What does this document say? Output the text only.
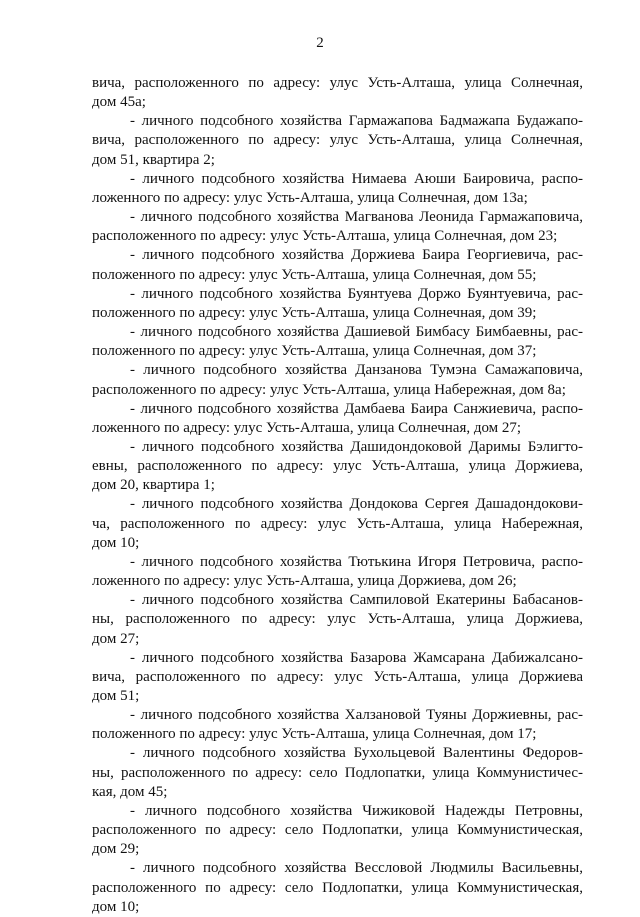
2
вича, расположенного по адресу: улус Усть-Алташа, улица Солнечная,
дом 45а;
- личного подсобного хозяйства Гармажапова Бадмажапа Будажапо-
вича, расположенного по адресу: улус Усть-Алташа, улица Солнечная,
дом 51, квартира 2;
- личного подсобного хозяйства Нимаева Аюши Баировича, распо-
ложенного по адресу: улус Усть-Алташа, улица Солнечная, дом 13а;
- личного подсобного хозяйства Магванова Леонида Гармажаповича,
расположенного по адресу: улус Усть-Алташа, улица Солнечная, дом 23;
- личного подсобного хозяйства Доржиева Баира Георгиевича, рас-
положенного по адресу: улус Усть-Алташа, улица Солнечная, дом 55;
- личного подсобного хозяйства Буянтуева Доржо Буянтуевича, рас-
положенного по адресу: улус Усть-Алташа, улица Солнечная, дом 39;
- личного подсобного хозяйства Дашиевой Бимбасу Бимбаевны, рас-
положенного по адресу: улус Усть-Алташа, улица Солнечная, дом 37;
- личного подсобного хозяйства Данзанова Тумэна Самажаповича,
расположенного по адресу: улус Усть-Алташа, улица Набережная, дом 8а;
- личного подсобного хозяйства Дамбаева Баира Санжиевича, распо-
ложенного по адресу: улус Усть-Алташа, улица Солнечная, дом 27;
- личного подсобного хозяйства Дашидондоковой Даримы Бэлигто-
евны, расположенного по адресу: улус Усть-Алташа, улица Доржиева,
дом 20, квартира 1;
- личного подсобного хозяйства Дондокова Сергея Дашадондокови-
ча, расположенного по адресу: улус Усть-Алташа, улица Набережная,
дом 10;
- личного подсобного хозяйства Тютькина Игоря Петровича, распо-
ложенного по адресу: улус Усть-Алташа, улица Доржиева, дом 26;
- личного подсобного хозяйства Сампиловой Екатерины Бабасанов-
ны, расположенного по адресу: улус Усть-Алташа, улица Доржиева,
дом 27;
- личного подсобного хозяйства Базарова Жамсарана Дабижалсано-
вича, расположенного по адресу: улус Усть-Алташа, улица Доржиева
дом 51;
- личного подсобного хозяйства Халзановой Туяны Доржиевны, рас-
положенного по адресу: улус Усть-Алташа, улица Солнечная, дом 17;
- личного подсобного хозяйства Бухольцевой Валентины Федоров-
ны, расположенного по адресу: село Подлопатки, улица Коммунистичес-
кая, дом 45;
- личного подсобного хозяйства Чижиковой Надежды Петровны,
расположенного по адресу: село Подлопатки, улица Коммунистическая,
дом 29;
- личного подсобного хозяйства Вессловой Людмилы Васильевны,
расположенного по адресу: село Подлопатки, улица Коммунистическая,
дом 10;
